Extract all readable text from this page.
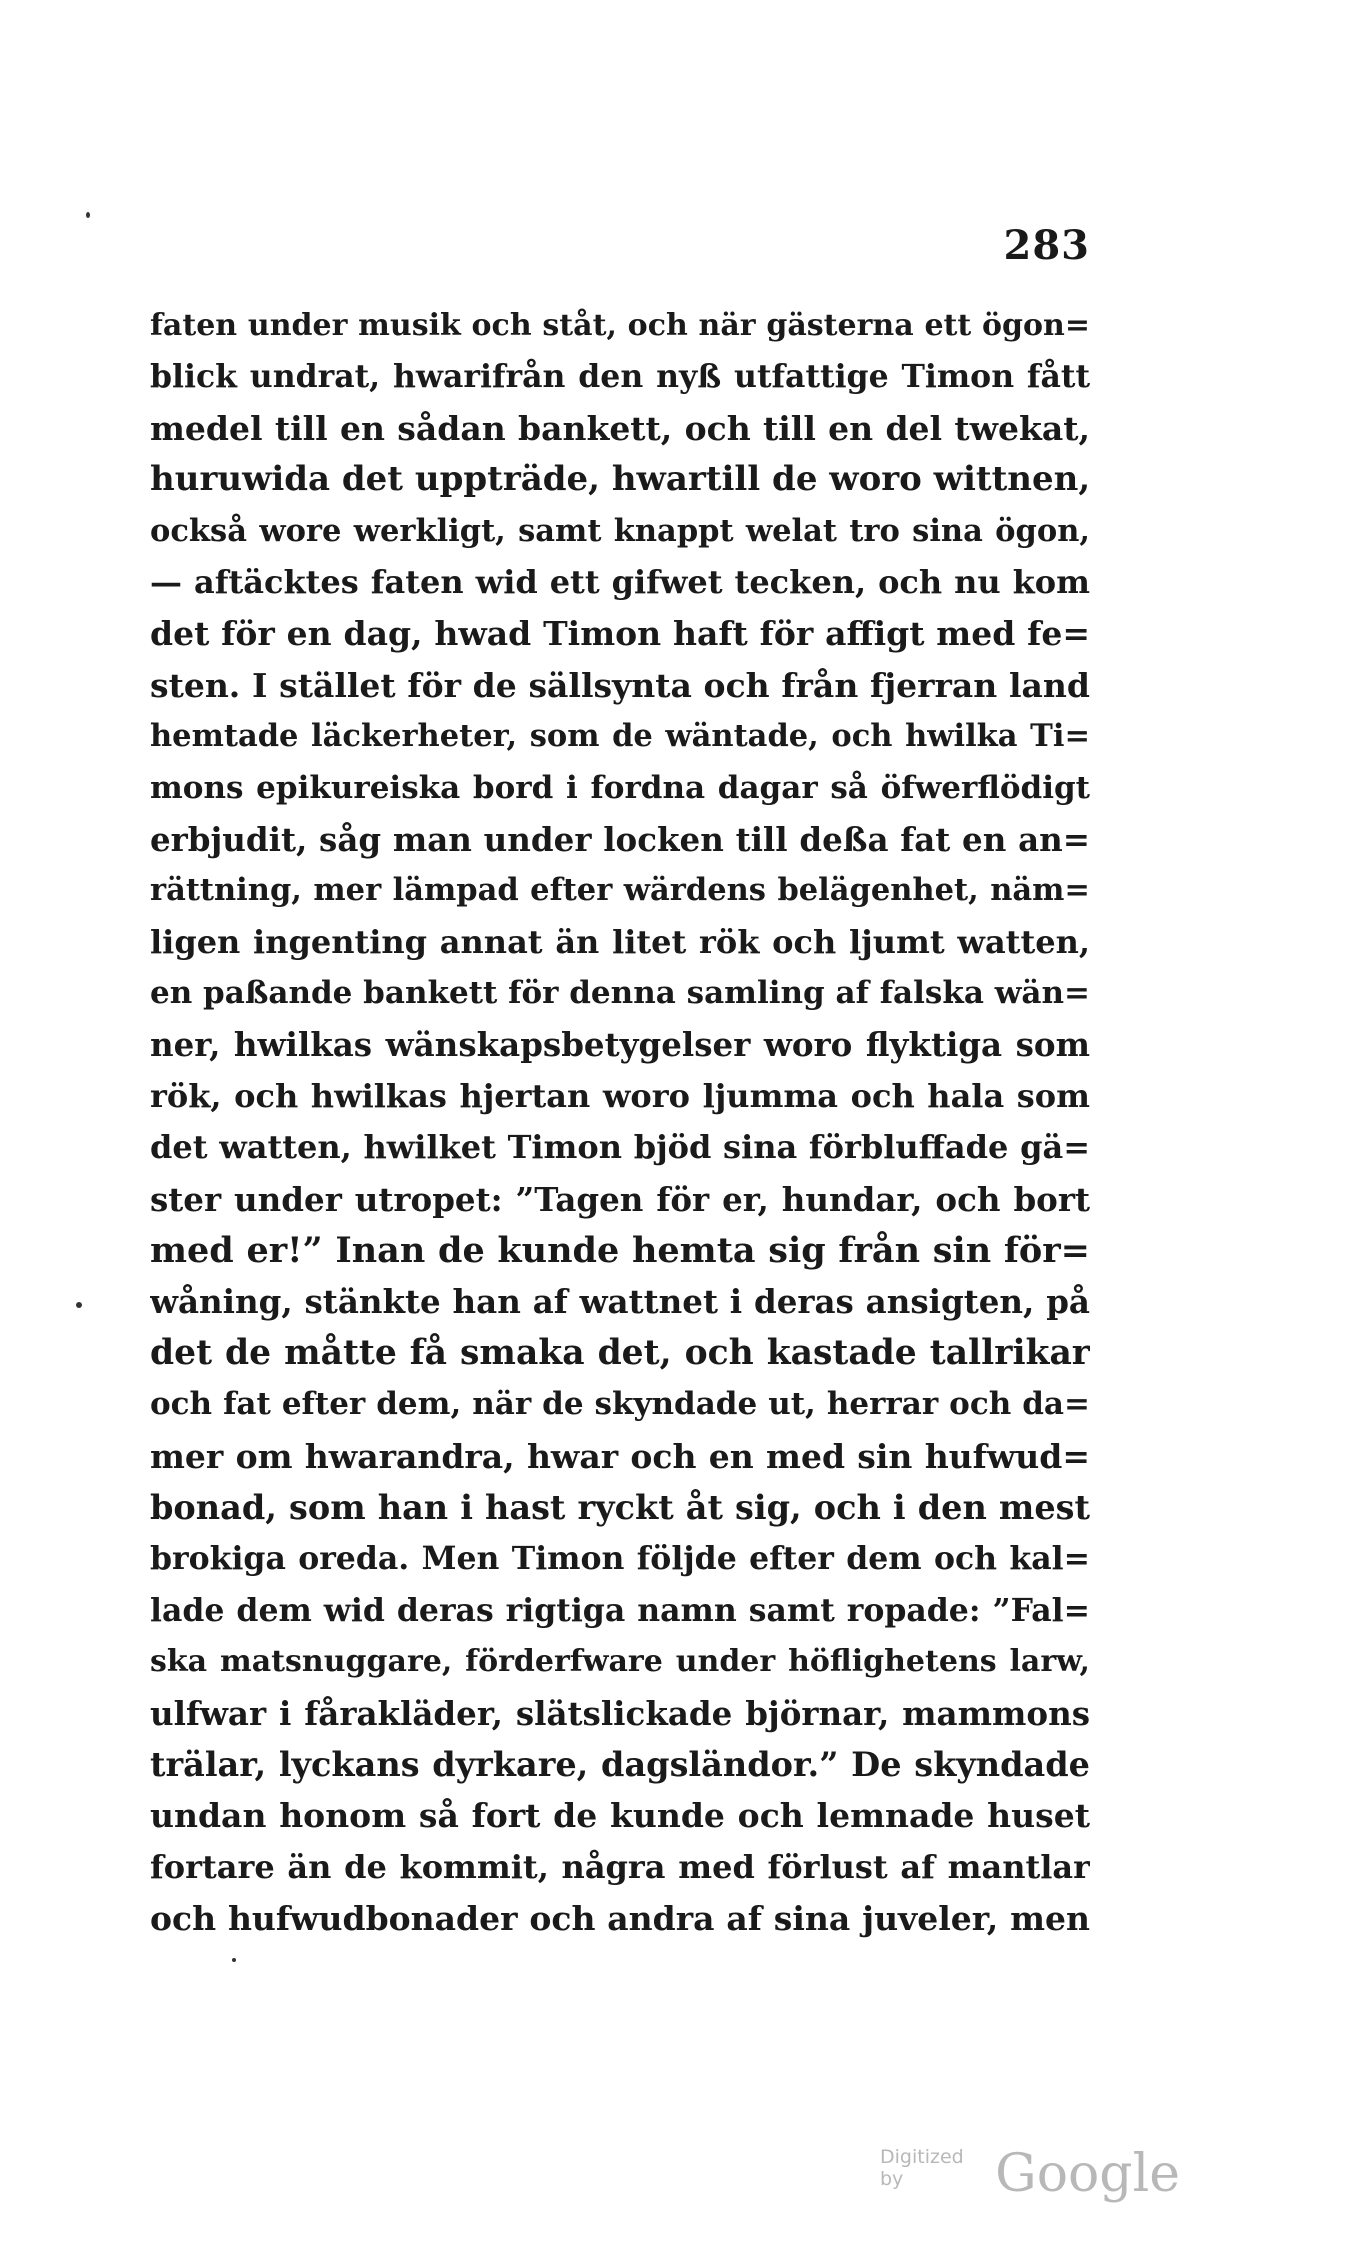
283
faten under musik och ståt, och när gästerna ett ögon=
blick undrat, hwarifrån den nyß utfattige Timon fått
medel till en sådan bankett, och till en del twekat,
huruwida det uppträde, hwartill de woro wittnen,
också wore werkligt, samt knappt welat tro sina ögon,
— aftäcktes faten wid ett gifwet tecken, och nu kom
det för en dag, hwad Timon haft för affigt med fe=
sten. I stället för de sällsynta och från fjerran land
hemtade läckerheter, som de wäntade, och hwilka Ti=
mons epikureiska bord i fordna dagar så öfwerflödigt
erbjudit, såg man under locken till deßa fat en an=
rättning, mer lämpad efter wärdens belägenhet, näm=
ligen ingenting annat än litet rök och ljumt watten,
en paßande bankett för denna samling af falska wän=
ner, hwilkas wänskapsbetygelser woro flyktiga som
rök, och hwilkas hjertan woro ljumma och hala som
det watten, hwilket Timon bjöd sina förbluffade gä=
ster under utropet: ”Tagen för er, hundar, och bort
med er!” Inan de kunde hemta sig från sin för=
wåning, stänkte han af wattnet i deras ansigten, på
det de måtte få smaka det, och kastade tallrikar
och fat efter dem, när de skyndade ut, herrar och da=
mer om hwarandra, hwar och en med sin hufwud=
bonad, som han i hast ryckt åt sig, och i den mest
brokiga oreda. Men Timon följde efter dem och kal=
lade dem wid deras rigtiga namn samt ropade: ”Fal=
ska matsnuggare, förderfware under höflighetens larw,
ulfwar i fårakläder, slätslickade björnar, mammons
trälar, lyckans dyrkare, dagsländor.” De skyndade
undan honom så fort de kunde och lemnade huset
fortare än de kommit, några med förlust af mantlar
och hufwudbonader och andra af sina juveler, men
Digitized by	Google
